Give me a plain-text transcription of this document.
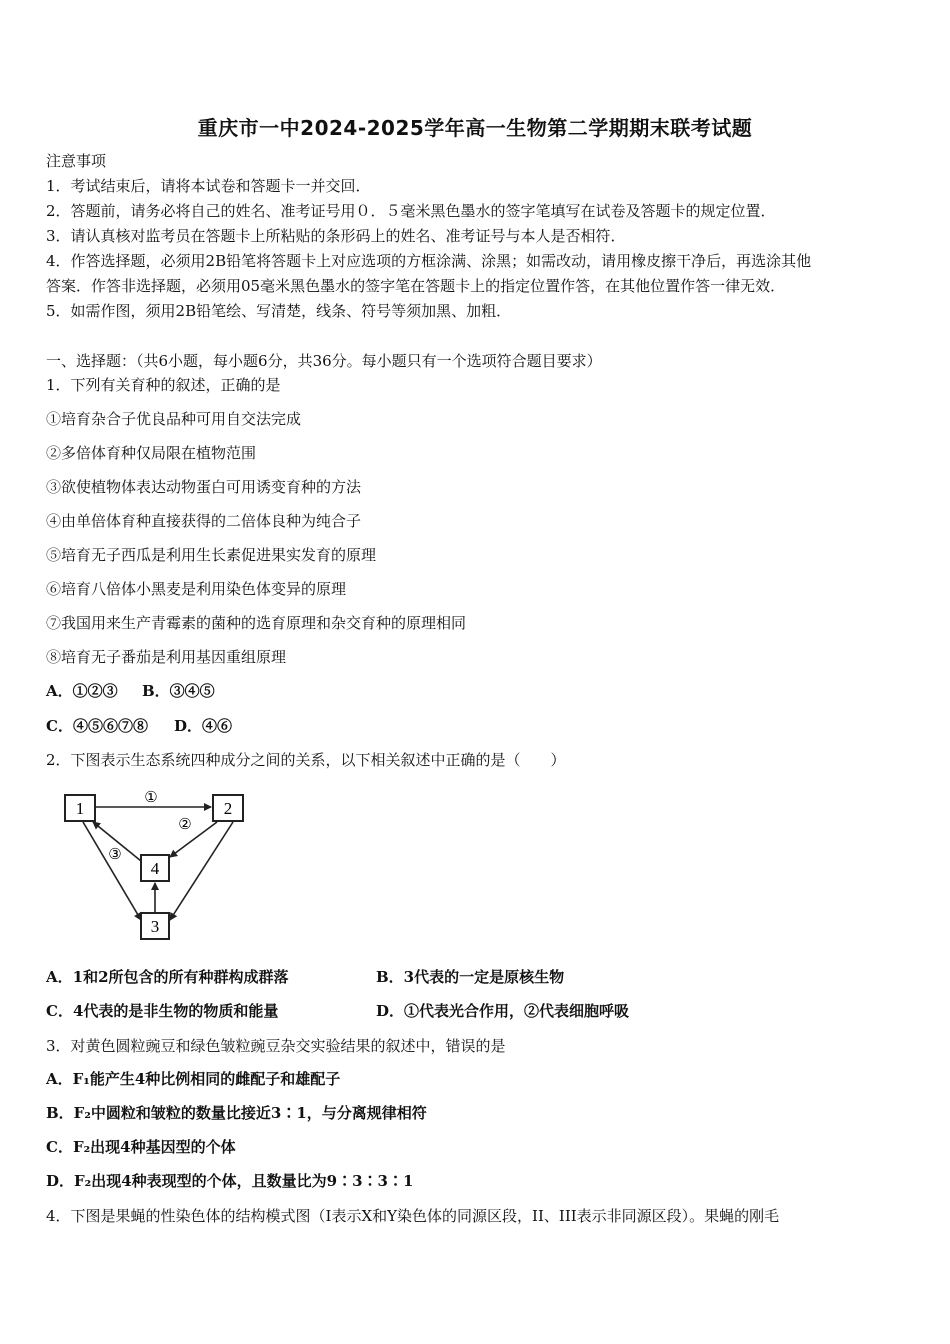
重庆市一中2024-2025学年高一生物第二学期期末联考试题
注意事项
1．考试结束后，请将本试卷和答题卡一并交回．
2．答题前，请务必将自己的姓名、准考证号用０．５毫米黑色墨水的签字笔填写在试卷及答题卡的规定位置．
3．请认真核对监考员在答题卡上所粘贴的条形码上的姓名、准考证号与本人是否相符．
4．作答选择题，必须用2B铅笔将答题卡上对应选项的方框涂满、涂黑；如需改动，请用橡皮擦干净后，再选涂其他
答案．作答非选择题，必须用05毫米黑色墨水的签字笔在答题卡上的指定位置作答，在其他位置作答一律无效．
5．如需作图，须用2B铅笔绘、写清楚，线条、符号等须加黑、加粗．
一、选择题：（共6小题，每小题6分，共36分。每小题只有一个选项符合题目要求）
1．下列有关育种的叙述，正确的是
①培育杂合子优良品种可用自交法完成
②多倍体育种仅局限在植物范围
③欲使植物体表达动物蛋白可用诱变育种的方法
④由单倍体育种直接获得的二倍体良种为纯合子
⑤培育无子西瓜是利用生长素促进果实发育的原理
⑥培育八倍体小黑麦是利用染色体变异的原理
⑦我国用来生产青霉素的菌种的选育原理和杂交育种的原理相同
⑧培育无子番茄是利用基因重组原理
A．①②③ B．③④⑤
C．④⑤⑥⑦⑧ D．④⑥
2．下图表示生态系统四种成分之间的关系，以下相关叙述中正确的是（　　）
1	2
4
3
①
②
③
A．1和2所包含的所有种群构成群落	B．3代表的一定是原核生物
C．4代表的是非生物的物质和能量	D．①代表光合作用，②代表细胞呼吸
3．对黄色圆粒豌豆和绿色皱粒豌豆杂交实验结果的叙述中，错误的是
A．F₁能产生4种比例相同的雌配子和雄配子
B．F₂中圆粒和皱粒的数量比接近3∶1，与分离规律相符
C．F₂出现4种基因型的个体
D．F₂出现4种表现型的个体，且数量比为9∶3∶3∶1
4．下图是果蝇的性染色体的结构模式图（I表示X和Y染色体的同源区段，II、III表示非同源区段）。果蝇的刚毛
